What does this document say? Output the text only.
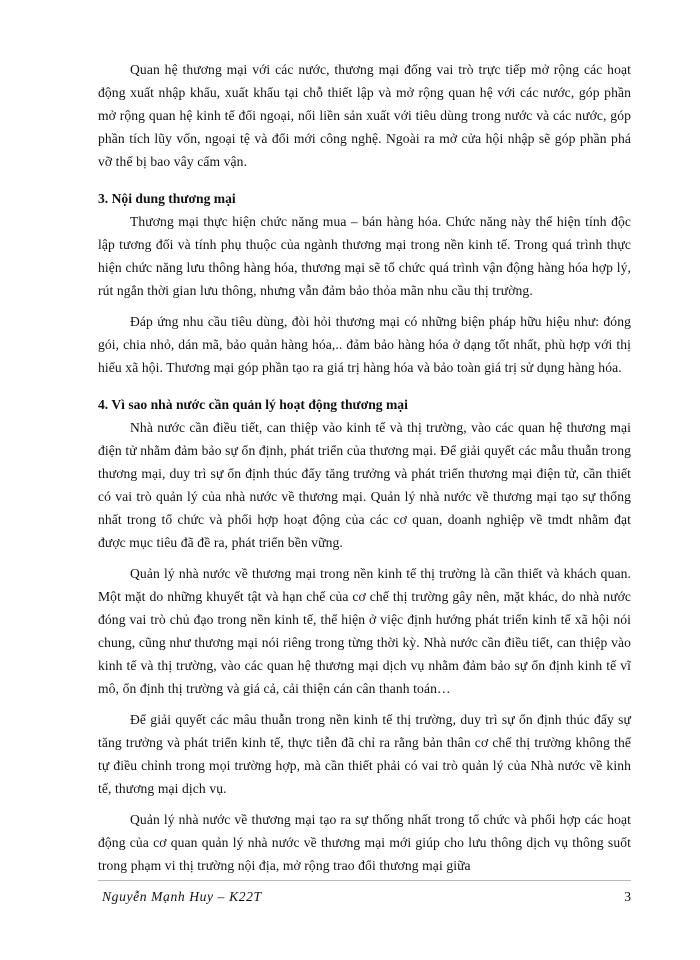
Quan hệ thương mại với các nước, thương mại đống vai trò trực tiếp mở rộng các hoạt động xuất nhập khẩu, xuất khẩu tại chỗ thiết lập và mở rộng quan hệ với các nước, góp phần mở rộng quan hệ kinh tế đối ngoại, nối liền sản xuất với tiêu dùng trong nước và các nước, góp phần tích lũy vốn, ngoại tệ và đổi mới công nghệ. Ngoài ra mở cửa hội nhập sẽ góp phần phá vỡ thế bị bao vây cấm vận.

3. Nội dung thương mại

Thương mại thực hiện chức năng mua – bán hàng hóa. Chức năng này thể hiện tính độc lập tương đối và tính phụ thuộc của ngành thương mại trong nền kinh tế. Trong quá trình thực hiện chức năng lưu thông hàng hóa, thương mại sẽ tổ chức quá trình vận động hàng hóa hợp lý, rút ngắn thời gian lưu thông, nhưng vẫn đảm bảo thỏa mãn nhu cầu thị trường.

Đáp ứng nhu cầu tiêu dùng, đòi hỏi thương mại có những biện pháp hữu hiệu như: đóng gói, chia nhỏ, dán mã, bảo quản hàng hóa,.. đảm bảo hàng hóa ở dạng tốt nhất, phù hợp với thị hiếu xã hội. Thương mại góp phần tạo ra giá trị hàng hóa và bảo toàn giá trị sử dụng hàng hóa.

4. Vì sao nhà nước cần quản lý hoạt động thương mại

Nhà nước cần điều tiết, can thiệp vào kinh tế và thị trường, vào các quan hệ thương mại điện tử nhằm đảm bảo sự ổn định, phát triển của thương mại. Để giải quyết các mẫu thuẫn trong thương mại, duy trì sự ổn định thúc đẩy tăng trưởng và phát triển thương mại điện tử, cần thiết có vai trò quản lý của nhà nước về thương mại. Quản lý nhà nước về thương mại tạo sự thống nhất trong tổ chức và phối hợp hoạt động của các cơ quan, doanh nghiệp về tmdt nhằm đạt được mục tiêu đã đề ra, phát triển bền vững.

Quản lý nhà nước về thương mại trong nền kinh tế thị trường là cần thiết và khách quan. Một mặt do những khuyết tật và hạn chế của cơ chế thị trường gây nên, mặt khác, do nhà nước đóng vai trò chủ đạo trong nền kinh tế, thể hiện ở việc định hướng phát triển kinh tế xã hội nói chung, cũng như thương mại nói riêng trong từng thời kỳ. Nhà nước cần điều tiết, can thiệp vào kinh tế và thị trường, vào các quan hệ thương mại dịch vụ nhằm đảm bảo sự ổn định kinh tế vĩ mô, ổn định thị trường và giá cả, cải thiện cán cân thanh toán…

Để giải quyết các mâu thuẫn trong nền kinh tế thị trường, duy trì sự ổn định thúc đẩy sự tăng trưởng và phát triển kinh tế, thực tiễn đã chỉ ra rằng bản thân cơ chế thị trường không thể tự điều chỉnh trong mọi trường hợp, mà cần thiết phải có vai trò quản lý của Nhà nước về kinh tế, thương mại dịch vụ.

Quản lý nhà nước về thương mại tạo ra sự thống nhất trong tổ chức và phối hợp các hoạt động của cơ quan quản lý nhà nước về thương mại mới giúp cho lưu thông dịch vụ thông suốt trong phạm vi thị trường nội địa, mở rộng trao đổi thương mại giữa

Nguyễn Mạnh Huy – K22T	3
